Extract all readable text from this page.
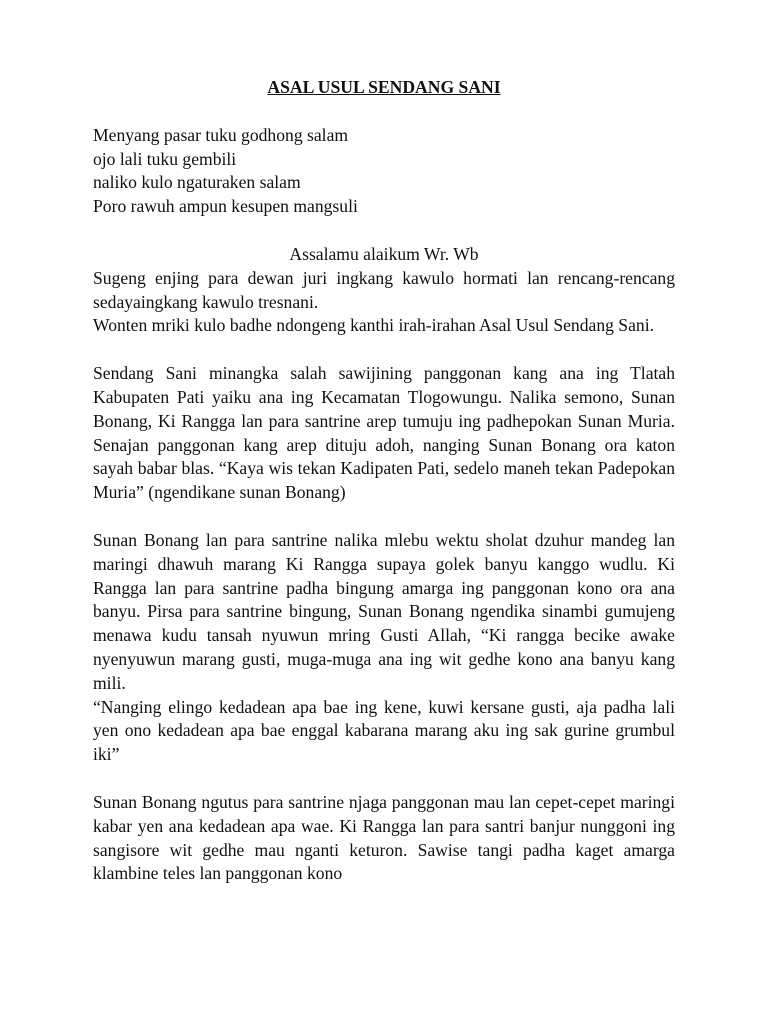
ASAL USUL SENDANG SANI
Menyang pasar tuku godhong salam
ojo lali tuku gembili
naliko kulo ngaturaken salam
Poro rawuh ampun kesupen mangsuli
Assalamu alaikum Wr. Wb

Sugeng enjing para dewan juri ingkang kawulo hormati lan rencang-rencang sedayaingkang kawulo tresnani.

Wonten mriki kulo badhe ndongeng kanthi irah-irahan Asal Usul Sendang Sani.

Sendang Sani minangka salah sawijining panggonan kang ana ing Tlatah Kabupaten Pati yaiku ana ing Kecamatan Tlogowungu. Nalika semono, Sunan Bonang, Ki Rangga lan para santrine arep tumuju ing padhepokan Sunan Muria. Senajan panggonan kang arep dituju adoh, nanging Sunan Bonang ora katon sayah babar blas. “Kaya wis tekan Kadipaten Pati, sedelo maneh tekan Padepokan Muria” (ngendikane sunan Bonang)

Sunan Bonang lan para santrine nalika mlebu wektu sholat dzuhur mandeg lan maringi dhawuh marang Ki Rangga supaya golek banyu kanggo wudlu. Ki Rangga lan para santrine padha bingung amarga ing panggonan kono ora ana banyu. Pirsa para santrine bingung, Sunan Bonang ngendika sinambi gumujeng menawa kudu tansah nyuwun mring Gusti Allah, “Ki rangga becike awake nyenyuwun marang gusti, muga-muga ana ing wit gedhe kono ana banyu kang mili.

“Nanging elingo kedadean apa bae ing kene, kuwi kersane gusti, aja padha lali yen ono kedadean apa bae enggal kabarana marang aku ing sak gurine grumbul iki”

Sunan Bonang ngutus para santrine njaga panggonan mau lan cepet-cepet maringi kabar yen ana kedadean apa wae. Ki Rangga lan para santri banjur nunggoni ing sangisore wit gedhe mau nganti keturon. Sawise tangi padha kaget amarga klambine teles lan panggonan kono
